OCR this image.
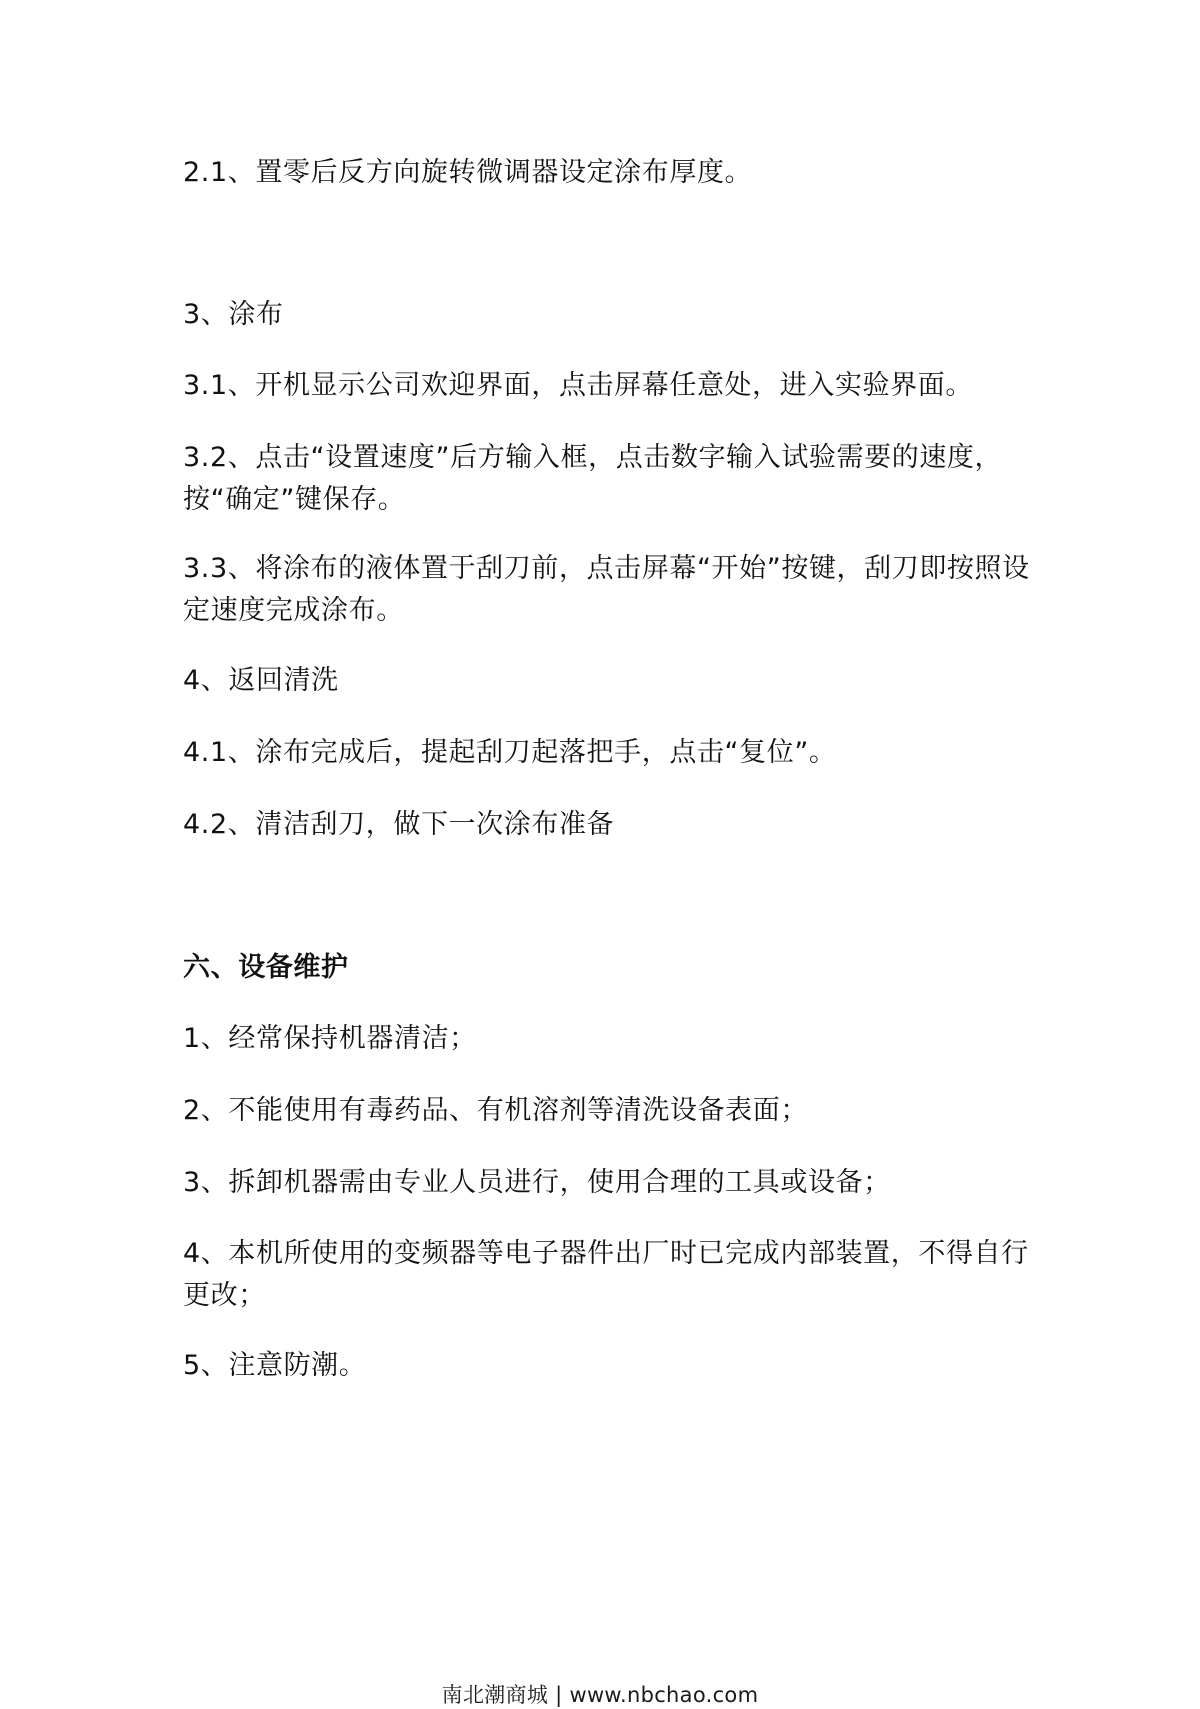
2.1、置零后反方向旋转微调器设定涂布厚度。

3、涂布

3.1、开机显示公司欢迎界面，点击屏幕任意处，进入实验界面。

3.2、点击“设置速度”后方输入框，点击数字输入试验需要的速度，按“确定”键保存。

3.3、将涂布的液体置于刮刀前，点击屏幕“开始”按键，刮刀即按照设定速度完成涂布。

4、返回清洗

4.1、涂布完成后，提起刮刀起落把手，点击“复位”。

4.2、清洁刮刀，做下一次涂布准备

六、设备维护

1、经常保持机器清洁；

2、不能使用有毒药品、有机溶剂等清洗设备表面；

3、拆卸机器需由专业人员进行，使用合理的工具或设备；

4、本机所使用的变频器等电子器件出厂时已完成内部装置，不得自行更改；

5、注意防潮。

南北潮商城 | www.nbchao.com
